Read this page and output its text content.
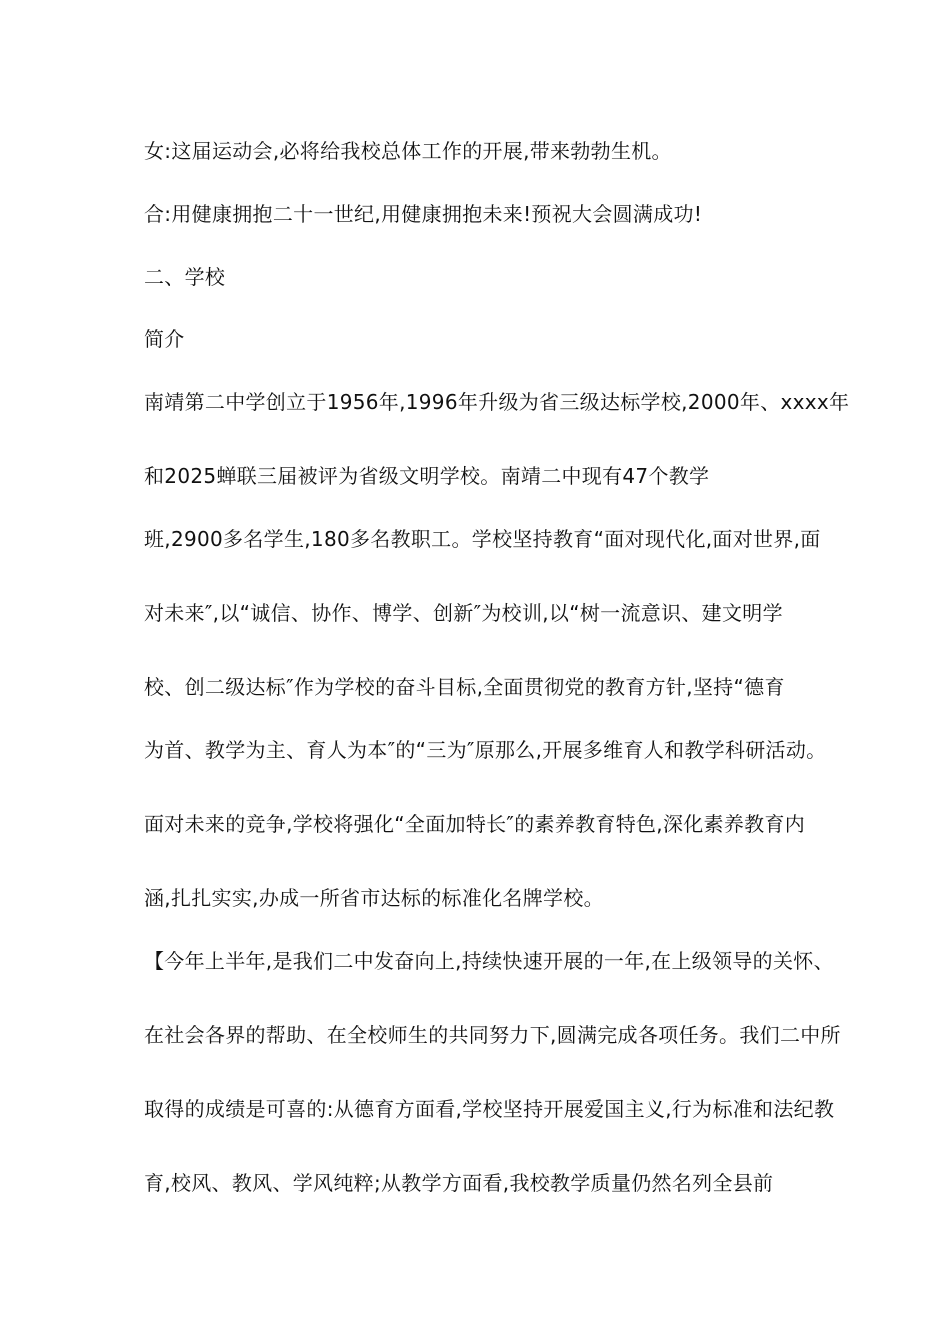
女:这届运动会,必将给我校总体工作的开展,带来勃勃生机。
合:用健康拥抱二十一世纪,用健康拥抱未来!预祝大会圆满成功!
二、学校
简介
南靖第二中学创立于1956年,1996年升级为省三级达标学校,2000年、xxxx年
和2025蝉联三届被评为省级文明学校。南靖二中现有47个教学
班,2900多名学生,180多名教职工。学校坚持教育“面对现代化,面对世界,面
对未来″,以“诚信、协作、博学、创新″为校训,以“树一流意识、建文明学
校、创二级达标″作为学校的奋斗目标,全面贯彻党的教育方针,坚持“德育
为首、教学为主、育人为本″的“三为″原那么,开展多维育人和教学科研活动。
面对未来的竞争,学校将强化“全面加特长″的素养教育特色,深化素养教育内
涵,扎扎实实,办成一所省市达标的标准化名牌学校。
【今年上半年,是我们二中发奋向上,持续快速开展的一年,在上级领导的关怀、
在社会各界的帮助、在全校师生的共同努力下,圆满完成各项任务。我们二中所
取得的成绩是可喜的:从德育方面看,学校坚持开展爱国主义,行为标准和法纪教
育,校风、教风、学风纯粹;从教学方面看,我校教学质量仍然名列全县前
